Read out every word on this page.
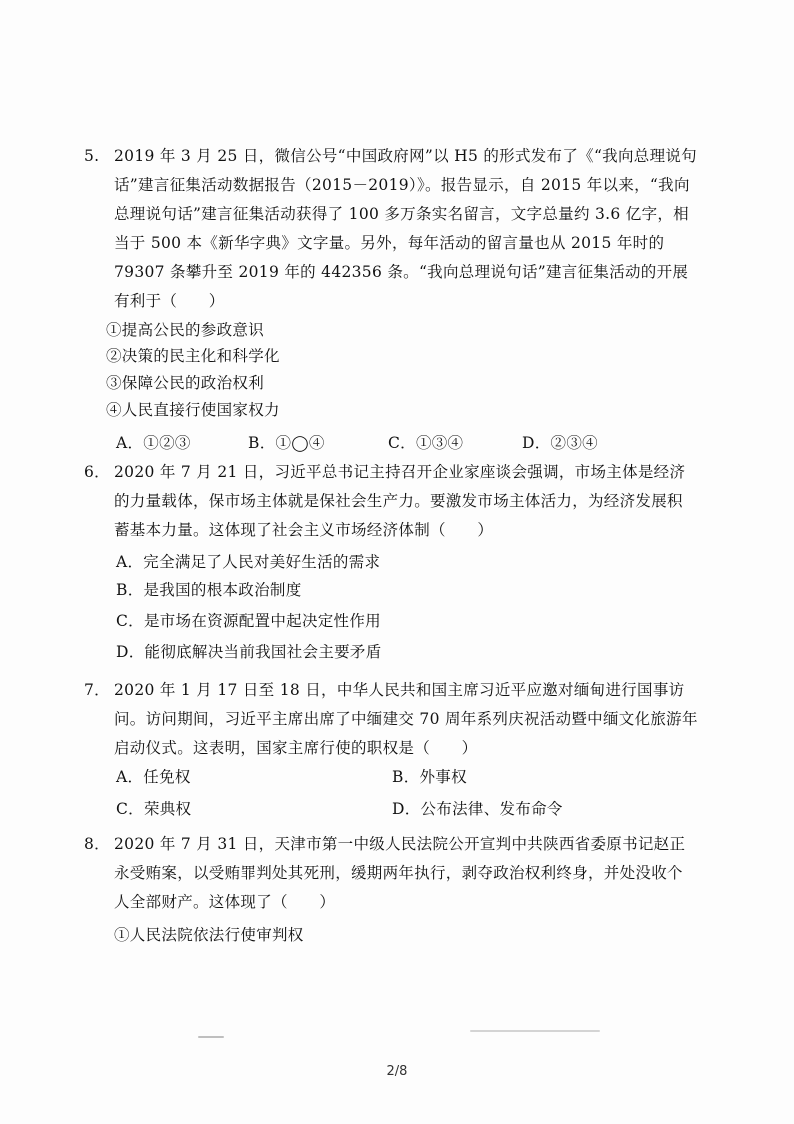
5. 2019 年 3 月 25 日，微信公号“中国政府网”以 H5 的形式发布了《“我向总理说句话”建言征集活动数据报告（2015－2019）》。报告显示，自 2015 年以来，“我向总理说句话”建言征集活动获得了 100 多万条实名留言，文字总量约 3.6 亿字，相当于 500 本《新华字典》文字量。另外，每年活动的留言量也从 2015 年时的 79307 条攀升至 2019 年的 442356 条。“我向总理说句话”建言征集活动的开展有利于（　　）

①提高公民的参政意识
②决策的民主化和科学化
③保障公民的政治权利
④人民直接行使国家权力
A．①②③	B．①◯④	C．①③④	D．②③④
6． 2020 年 7 月 21 日，习近平总书记主持召开企业家座谈会强调，市场主体是经济的力量载体，保市场主体就是保社会生产力。要激发市场主体活力，为经济发展积蓄基本力量。这体现了社会主义市场经济体制（　　）

A．完全满足了人民对美好生活的需求
B．是我国的根本政治制度
C．是市场在资源配置中起决定性作用
D．能彻底解决当前我国社会主要矛盾
7． 2020 年 1 月 17 日至 18 日，中华人民共和国主席习近平应邀对缅甸进行国事访问。访问期间，习近平主席出席了中缅建交 70 周年系列庆祝活动暨中缅文化旅游年启动仪式。这表明，国家主席行使的职权是（　　）

A．任免权	B．外事权
C．荣典权	D．公布法律、发布命令
8． 2020 年 7 月 31 日，天津市第一中级人民法院公开宣判中共陕西省委原书记赵正永受贿案，以受贿罪判处其死刑，缓期两年执行，剥夺政治权利终身，并处没收个人全部财产。这体现了（　　）

①人民法院依法行使审判权
2/8
